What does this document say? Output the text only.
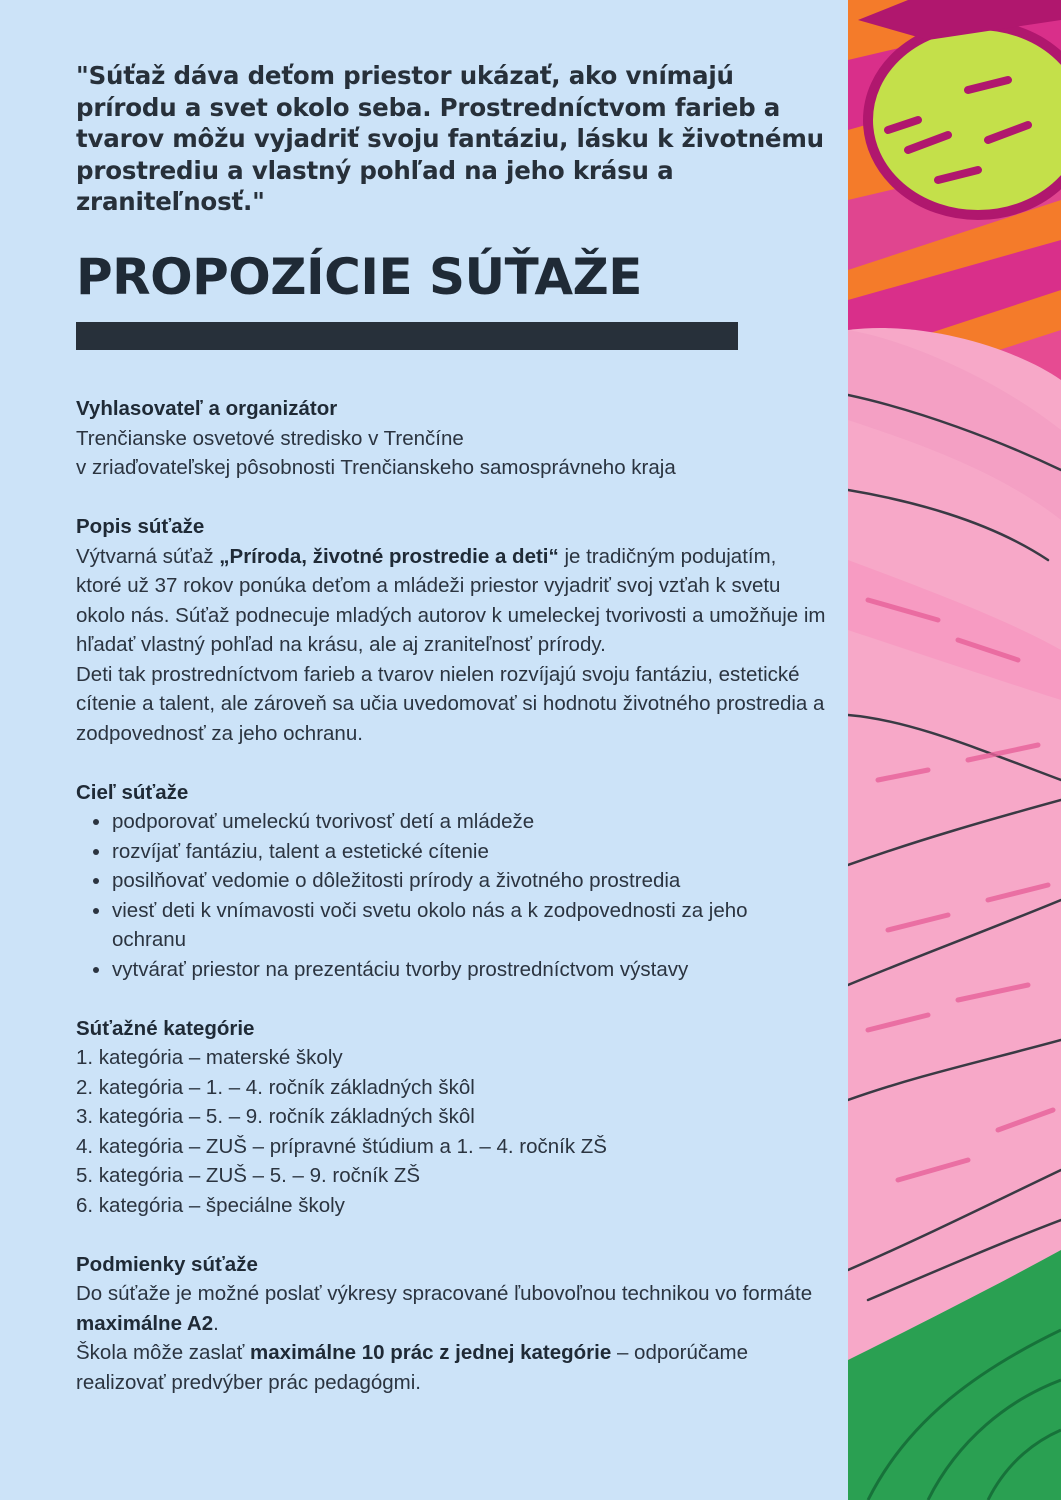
"Súťaž dáva deťom priestor ukázať, ako vnímajú prírodu a svet okolo seba. Prostredníctvom farieb a tvarov môžu vyjadriť svoju fantáziu, lásku k životnému prostrediu a vlastný pohľad na jeho krásu a zraniteľnosť."

PROPOZÍCIE SÚŤAŽE
Vyhlasovateľ a organizátor

Trenčianske osvetové stredisko v Trenčíne

v zriaďovateľskej pôsobnosti Trenčianskeho samosprávneho kraja

Popis súťaže

Výtvarná súťaž „Príroda, životné prostredie a deti“ je tradičným podujatím, ktoré už 37 rokov ponúka deťom a mládeži priestor vyjadriť svoj vzťah k svetu okolo nás. Súťaž podnecuje mladých autorov k umeleckej tvorivosti a umožňuje im hľadať vlastný pohľad na krásu, ale aj zraniteľnosť prírody.

Deti tak prostredníctvom farieb a tvarov nielen rozvíjajú svoju fantáziu, estetické cítenie a talent, ale zároveň sa učia uvedomovať si hodnotu životného prostredia a zodpovednosť za jeho ochranu.

Cieľ súťaže
• podporovať umeleckú tvorivosť detí a mládeže
• rozvíjať fantáziu, talent a estetické cítenie
• posilňovať vedomie o dôležitosti prírody a životného prostredia
• viesť deti k vnímavosti voči svetu okolo nás a k zodpovednosti za jeho ochranu
• vytvárať priestor na prezentáciu tvorby prostredníctvom výstavy
Súťažné kategórie
1. kategória – materské školy
2. kategória – 1. – 4. ročník základných škôl
3. kategória – 5. – 9. ročník základných škôl
4. kategória – ZUŠ – prípravné štúdium a 1. – 4. ročník ZŠ
5. kategória – ZUŠ – 5. – 9. ročník ZŠ
6. kategória – špeciálne školy
Podmienky súťaže

Do súťaže je možné poslať výkresy spracované ľubovoľnou technikou vo formáte maximálne A2.

Škola môže zaslať maximálne 10 prác z jednej kategórie – odporúčame realizovať predvýber prác pedagógmi.
